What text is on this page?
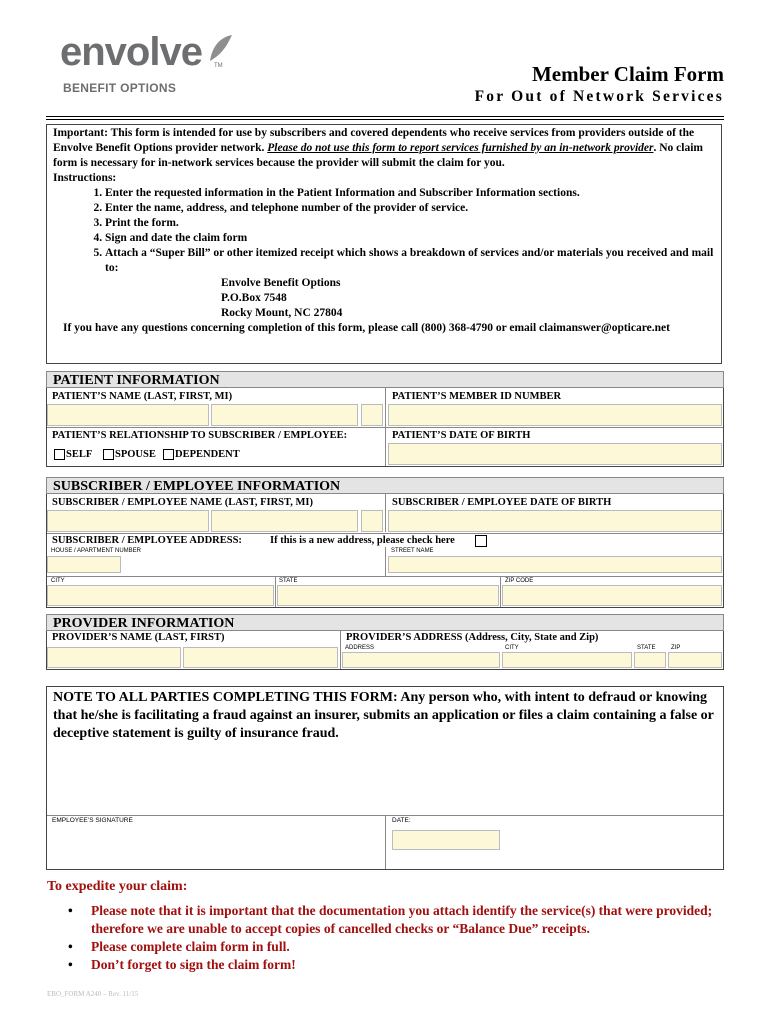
envolve TM
BENEFIT OPTIONS
Member Claim Form
For Out of Network Services

Important: This form is intended for use by subscribers and covered dependents who receive services from providers outside of the Envolve Benefit Options provider network. Please do not use this form to report services furnished by an in-network provider. No claim form is necessary for in-network services because the provider will submit the claim for you.

Instructions:

1. Enter the requested information in the Patient Information and Subscriber Information sections.
2. Enter the name, address, and telephone number of the provider of service.
3. Print the form.
4. Sign and date the claim form
5. Attach a “Super Bill” or other itemized receipt which shows a breakdown of services and/or materials you received and mail to:
Envolve Benefit Options
P.O.Box 7548
Rocky Mount, NC 27804

If you have any questions concerning completion of this form, please call (800) 368-4790 or email claimanswer@opticare.net

PATIENT INFORMATION
PATIENT’S NAME (LAST, FIRST, MI)	PATIENT’S MEMBER ID NUMBER
PATIENT’S RELATIONSHIP TO SUBSCRIBER / EMPLOYEE:	PATIENT’S DATE OF BIRTH
SELF SPOUSE DEPENDENT
SUBSCRIBER / EMPLOYEE INFORMATION
SUBSCRIBER / EMPLOYEE NAME (LAST, FIRST, MI)	SUBSCRIBER / EMPLOYEE DATE OF BIRTH
SUBSCRIBER / EMPLOYEE ADDRESS:	If this is a new address, please check here
HOUSE / APARTMENT NUMBER	STREET NAME
CITY	STATE	ZIP CODE
PROVIDER INFORMATION
PROVIDER’S NAME (LAST, FIRST)	PROVIDER’S ADDRESS (Address, City, State and Zip)
ADDRESS	CITY	STATE	ZIP
NOTE TO ALL PARTIES COMPLETING THIS FORM: Any person who, with intent to defraud or knowing that he/she is facilitating a fraud against an insurer, submits an application or files a claim containing a false or deceptive statement is guilty of insurance fraud.
EMPLOYEE’S SIGNATURE	DATE:
To expedite your claim:
• Please note that it is important that the documentation you attach identify the service(s) that were provided; therefore we are unable to accept copies of cancelled checks or “Balance Due” receipts.
• Please complete claim form in full.
• Don’t forget to sign the claim form!
EBO_FORM A240 – Rev. 11/15
